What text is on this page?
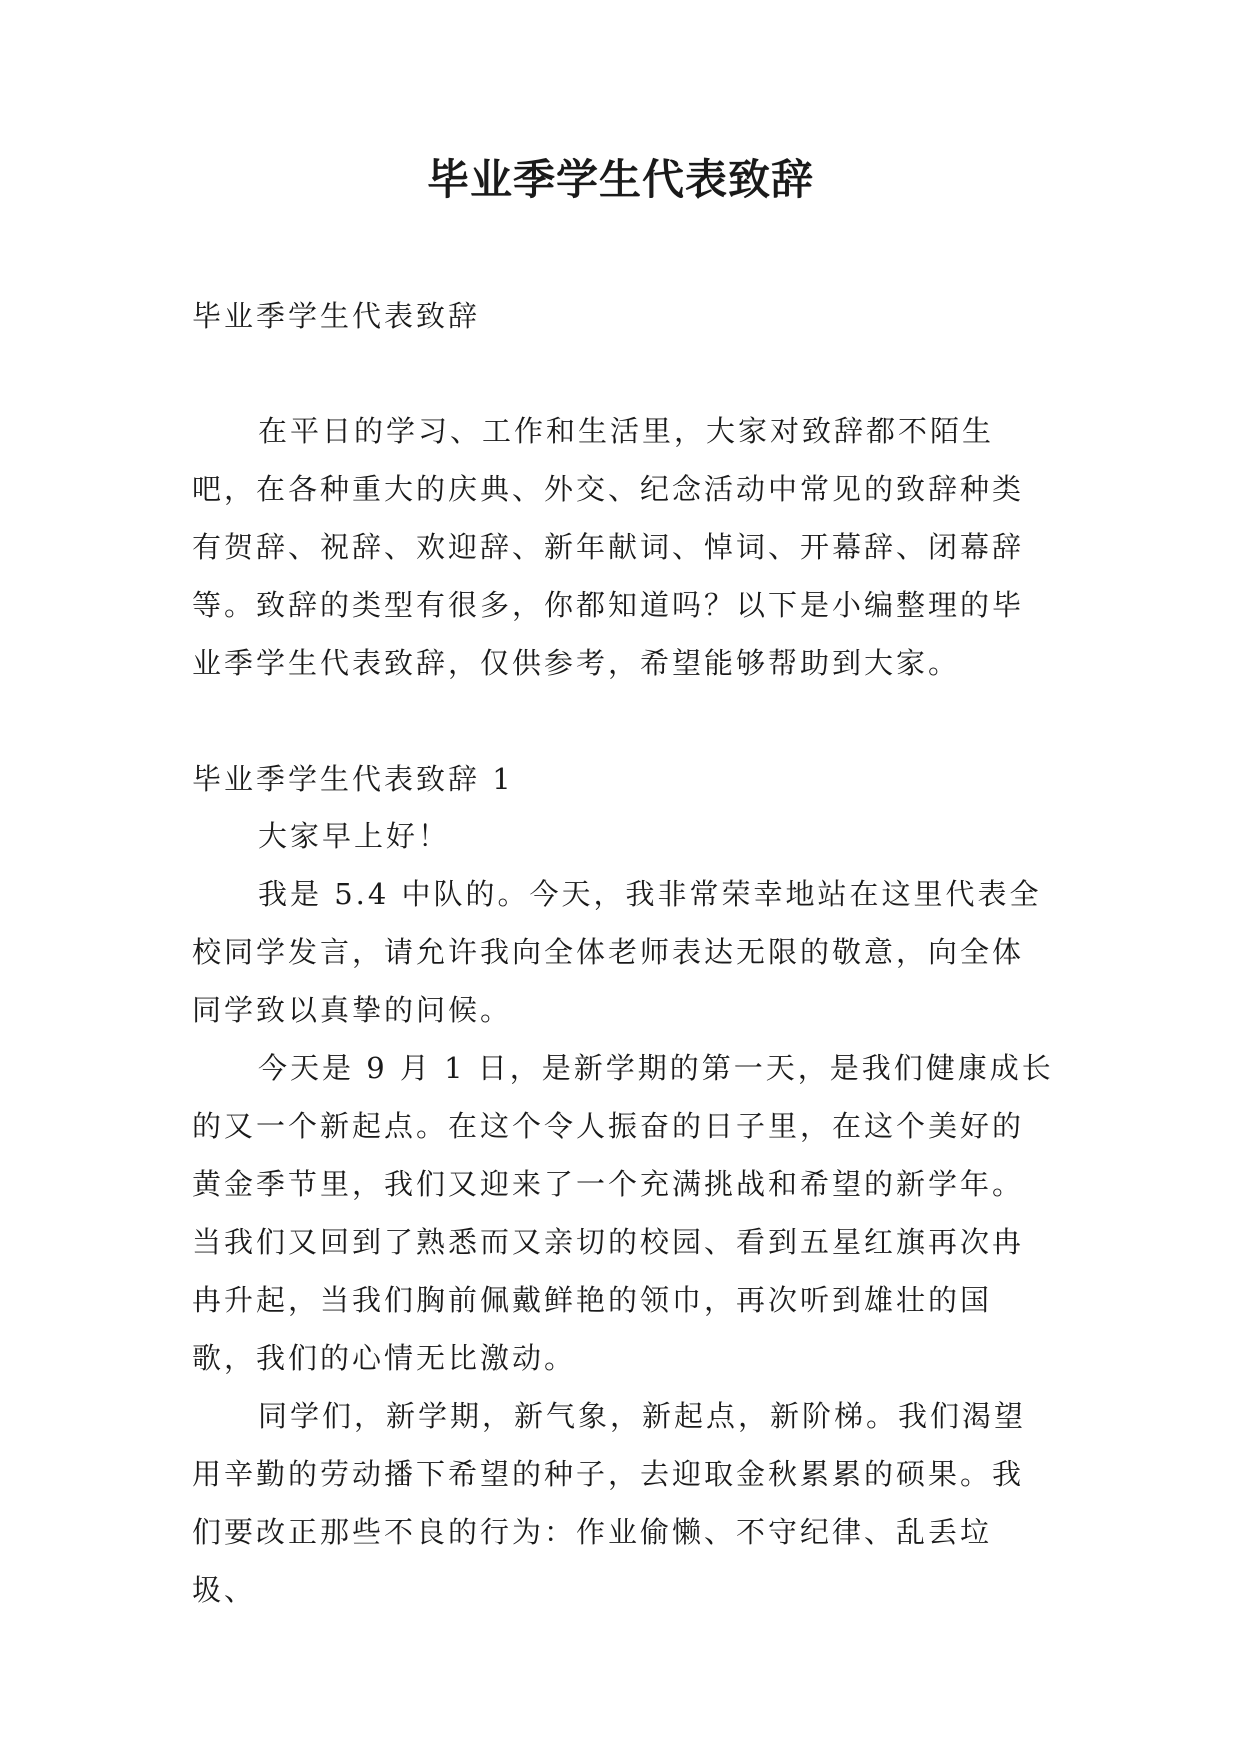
毕业季学生代表致辞

毕业季学生代表致辞

在平日的学习、工作和生活里，大家对致辞都不陌生吧，在各种重大的庆典、外交、纪念活动中常见的致辞种类有贺辞、祝辞、欢迎辞、新年献词、悼词、开幕辞、闭幕辞等。致辞的类型有很多，你都知道吗？以下是小编整理的毕业季学生代表致辞，仅供参考，希望能够帮助到大家。

毕业季学生代表致辞 1

大家早上好！

我是 5.4 中队的。今天，我非常荣幸地站在这里代表全校同学发言，请允许我向全体老师表达无限的敬意，向全体同学致以真挚的问候。

今天是 9 月 1 日，是新学期的第一天，是我们健康成长的又一个新起点。在这个令人振奋的日子里，在这个美好的黄金季节里，我们又迎来了一个充满挑战和希望的新学年。当我们又回到了熟悉而又亲切的校园、看到五星红旗再次冉冉升起，当我们胸前佩戴鲜艳的领巾，再次听到雄壮的国歌，我们的心情无比激动。

同学们，新学期，新气象，新起点，新阶梯。我们渴望用辛勤的劳动播下希望的种子，去迎取金秋累累的硕果。我们要改正那些不良的行为：作业偷懒、不守纪律、乱丢垃圾、
